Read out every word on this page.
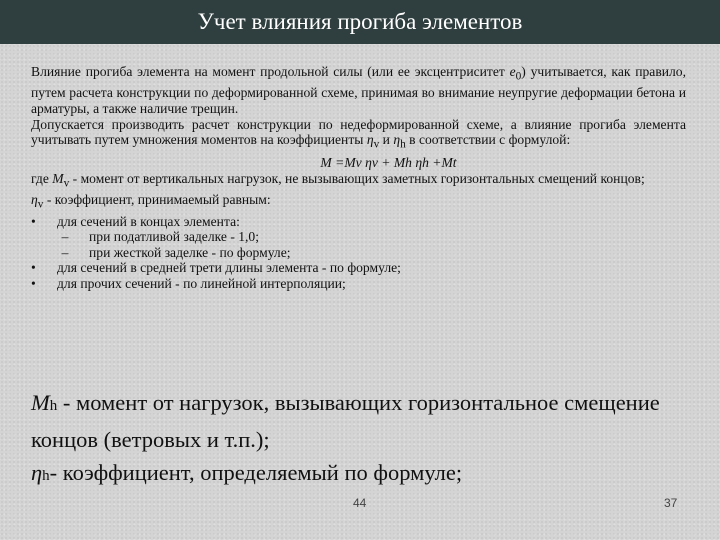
Учет влияния прогиба элементов

Влияние прогиба элемента на момент продольной силы (или ее эксцентриситет $e_0$) учитывается, как правило, путем расчета конструкции по деформированной схеме, принимая во внимание неупругие деформации бетона и арматуры, а также наличие трещин.

Допускается производить расчет конструкции по недеформированной схеме, а влияние прогиба элемента учитывать путем умножения моментов на коэффициенты $\eta_v$ и $\eta_h$ в соответствии с формулой:

M =Mv ηv + Mh ηh +Mt

где $M_v$ - момент от вертикальных нагрузок, не вызывающих заметных горизонтальных смещений концов;

$\eta_v$ - коэффициент, принимаемый равным:

•	для сечений в концах элемента:
–	при податливой заделке - 1,0;
–	при жесткой заделке - по формуле;
•	для сечений в средней трети длины элемента - по формуле;
•	для прочих сечений - по линейной интерполяции;

Mh - момент от нагрузок, вызывающих горизонтальное смещение концов (ветровых и т.п.);

ηh- коэффициент, определяемый по формуле;

44	37
